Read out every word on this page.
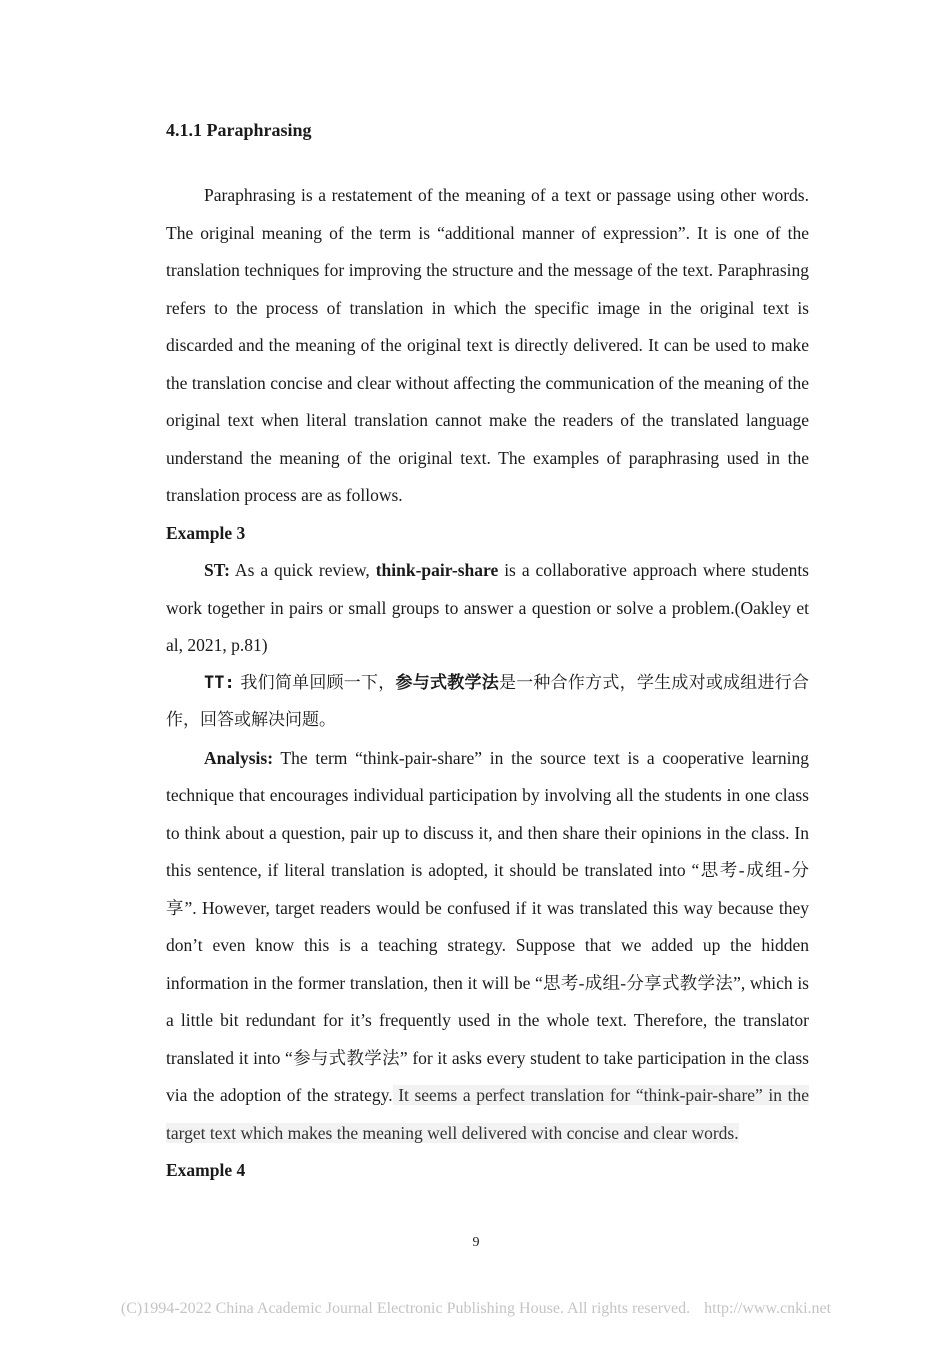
4.1.1 Paraphrasing

Paraphrasing is a restatement of the meaning of a text or passage using other words. The original meaning of the term is “additional manner of expression”. It is one of the translation techniques for improving the structure and the message of the text. Paraphrasing refers to the process of translation in which the specific image in the original text is discarded and the meaning of the original text is directly delivered. It can be used to make the translation concise and clear without affecting the communication of the meaning of the original text when literal translation cannot make the readers of the translated language understand the meaning of the original text. The examples of paraphrasing used in the translation process are as follows.

Example 3

ST: As a quick review, think-pair-share is a collaborative approach where students work together in pairs or small groups to answer a question or solve a problem.(Oakley et al, 2021, p.81)

TT: 我们简单回顾一下，参与式教学法是一种合作方式，学生成对或成组进行合作，回答或解决问题。

Analysis: The term “think-pair-share” in the source text is a cooperative learning technique that encourages individual participation by involving all the students in one class to think about a question, pair up to discuss it, and then share their opinions in the class. In this sentence, if literal translation is adopted, it should be translated into “思考-成组-分享”. However, target readers would be confused if it was translated this way because they don’t even know this is a teaching strategy. Suppose that we added up the hidden information in the former translation, then it will be “思考-成组-分享式教学法”, which is a little bit redundant for it’s frequently used in the whole text. Therefore, the translator translated it into “参与式教学法” for it asks every student to take participation in the class via the adoption of the strategy. It seems a perfect translation for “think-pair-share” in the target text which makes the meaning well delivered with concise and clear words.

Example 4

9
(C)1994-2022 China Academic Journal Electronic Publishing House. All rights reserved. http://www.cnki.net
